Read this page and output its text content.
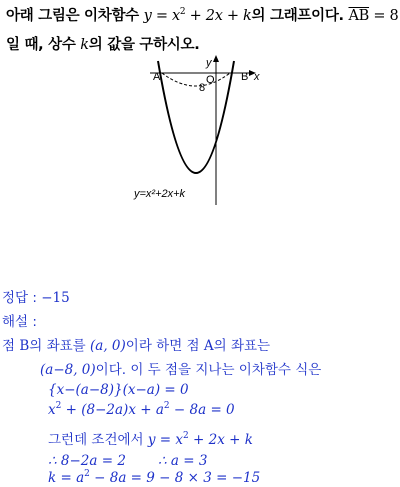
아래 그림은 이차함수 $y = x^2 + 2x + k$의 그래프이다. $\overline{AB} = 8$
일 때, 상수 k의 값을 구하시오.
A	B
O	x
y
8
y=x²+2x+k
정답 : −15
해설 :
점 B의 좌표를 (a, 0)이라 하면 점 A의 좌표는
(a−8, 0)이다. 이 두 점을 지나는 이차함수 식은
{x−(a−8)}(x−a) = 0
$x^2 + (8-2a)x + a^2 - 8a = 0$
그런데 조건에서 $y = x^2 + 2x + k$
∴ 8−2a = 2 ∴ a = 3
$k = a^2 - 8a = 9 - 8 \times 3 = -15$
